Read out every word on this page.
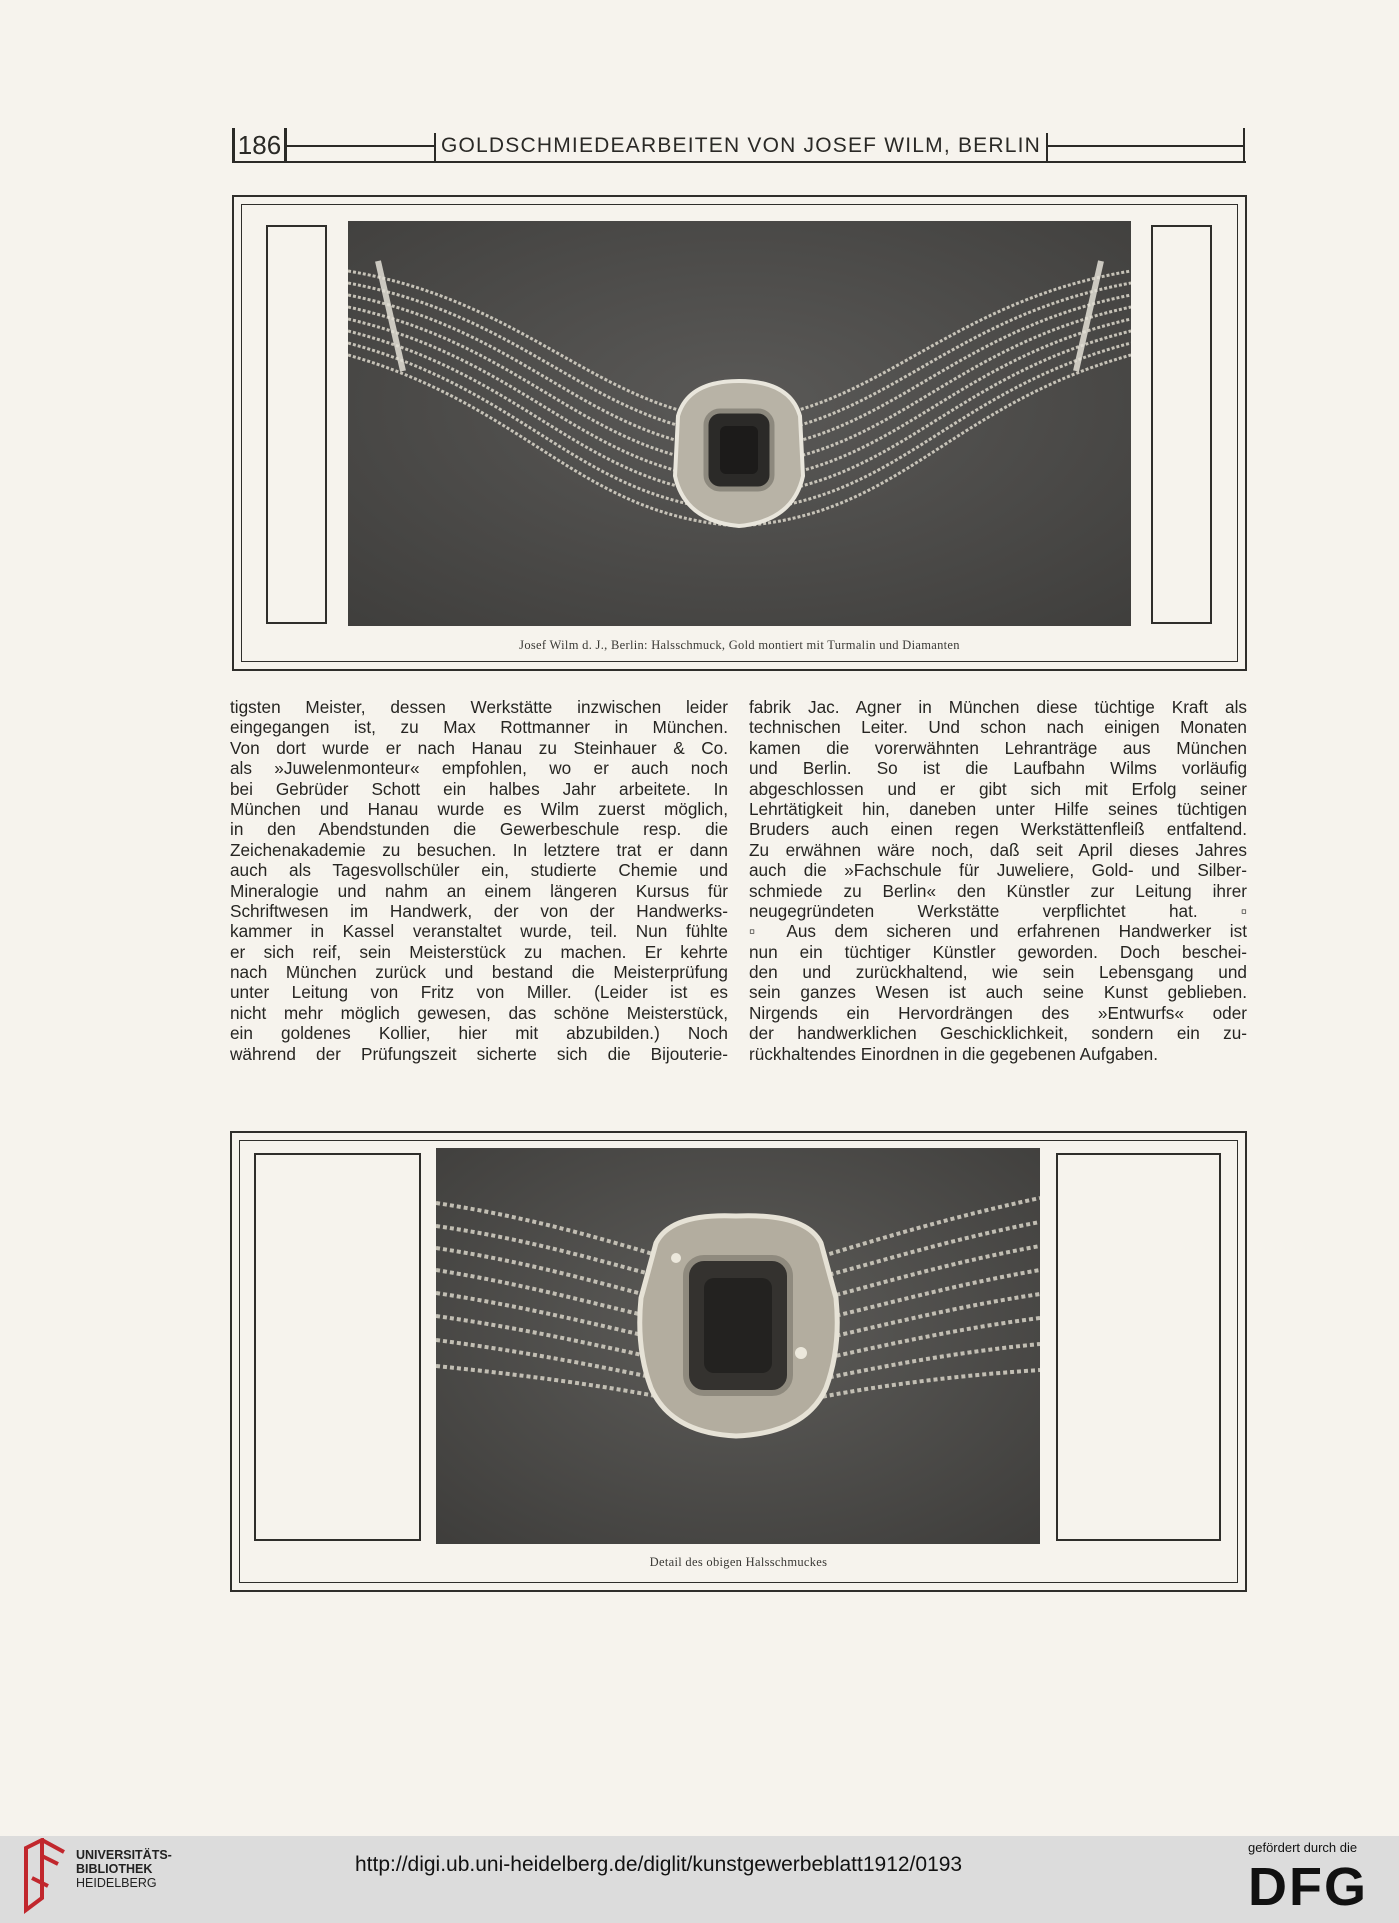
186	GOLDSCHMIEDEARBEITEN VON JOSEF WILM, BERLIN
Josef Wilm d. J., Berlin: Halsschmuck, Gold montiert mit Turmalin und Diamanten
tigsten Meister, dessen Werkstätte inzwischen leider
eingegangen ist, zu Max Rottmanner in München.
Von dort wurde er nach Hanau zu Steinhauer & Co.
als »Juwelenmonteur« empfohlen, wo er auch noch
bei Gebrüder Schott ein halbes Jahr arbeitete. In
München und Hanau wurde es Wilm zuerst möglich,
in den Abendstunden die Gewerbeschule resp. die
Zeichenakademie zu besuchen. In letztere trat er dann
auch als Tagesvollschüler ein, studierte Chemie und
Mineralogie und nahm an einem längeren Kursus für
Schriftwesen im Handwerk, der von der Handwerks-
kammer in Kassel veranstaltet wurde, teil. Nun fühlte
er sich reif, sein Meisterstück zu machen. Er kehrte
nach München zurück und bestand die Meisterprüfung
unter Leitung von Fritz von Miller. (Leider ist es
nicht mehr möglich gewesen, das schöne Meisterstück,
ein goldenes Kollier, hier mit abzubilden.) Noch
während der Prüfungszeit sicherte sich die Bijouterie-
fabrik Jac. Agner in München diese tüchtige Kraft als
technischen Leiter. Und schon nach einigen Monaten
kamen die vorerwähnten Lehranträge aus München
und Berlin. So ist die Laufbahn Wilms vorläufig
abgeschlossen und er gibt sich mit Erfolg seiner
Lehrtätigkeit hin, daneben unter Hilfe seines tüchtigen
Bruders auch einen regen Werkstättenfleiß entfaltend.
Zu erwähnen wäre noch, daß seit April dieses Jahres
auch die »Fachschule für Juweliere, Gold- und Silber-
schmiede zu Berlin« den Künstler zur Leitung ihrer
neugegründeten Werkstätte verpflichtet hat. ▫
▫ Aus dem sicheren und erfahrenen Handwerker ist
nun ein tüchtiger Künstler geworden. Doch beschei-
den und zurückhaltend, wie sein Lebensgang und
sein ganzes Wesen ist auch seine Kunst geblieben.
Nirgends ein Hervordrängen des »Entwurfs« oder
der handwerklichen Geschicklichkeit, sondern ein zu-
rückhaltendes Einordnen in die gegebenen Aufgaben.
Detail des obigen Halsschmuckes
UNIVERSITÄTS-
BIBLIOTHEK
HEIDELBERG
http://digi.ub.uni-heidelberg.de/diglit/kunstgewerbeblatt1912/0193
gefördert durch die
DFG
